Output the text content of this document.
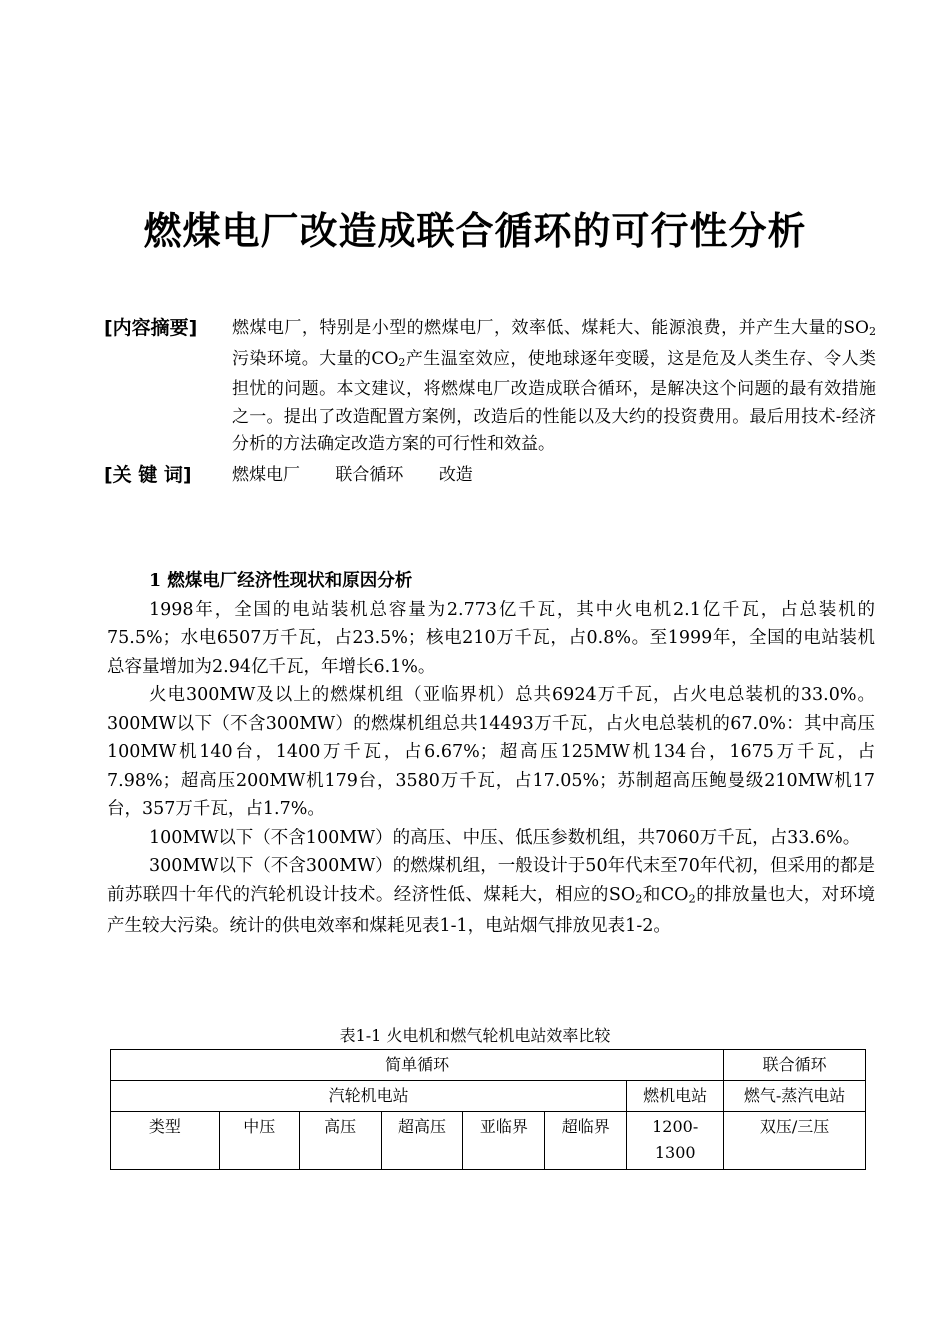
燃煤电厂改造成联合循环的可行性分析
[内容摘要]	燃煤电厂，特别是小型的燃煤电厂，效率低、煤耗大、能源浪费，并产生大量的$SO_2$污染环境。大量的$CO_2$产生温室效应，使地球逐年变暖，这是危及人类生存、令人类担忧的问题。本文建议，将燃煤电厂改造成联合循环，是解决这个问题的最有效措施之一。提出了改造配置方案例，改造后的性能以及大约的投资费用。最后用技术-经济分析的方法确定改造方案的可行性和效益。
[关 键 词]	燃煤电厂 联合循环 改造
1 燃煤电厂经济性现状和原因分析
1998年，全国的电站装机总容量为2.773亿千瓦，其中火电机2.1亿千瓦，占总装机的75.5%；水电6507万千瓦，占23.5%；核电210万千瓦，占0.8%。至1999年，全国的电站装机总容量增加为2.94亿千瓦，年增长6.1%。
火电300MW及以上的燃煤机组（亚临界机）总共6924万千瓦，占火电总装机的33.0%。300MW以下（不含300MW）的燃煤机组总共14493万千瓦，占火电总装机的67.0%：其中高压100MW机140台，1400万千瓦，占6.67%；超高压125MW机134台，1675万千瓦，占7.98%；超高压200MW机179台，3580万千瓦，占17.05%；苏制超高压鲍曼级210MW机17台，357万千瓦，占1.7%。
100MW以下（不含100MW）的高压、中压、低压参数机组，共7060万千瓦，占33.6%。
300MW以下（不含300MW）的燃煤机组，一般设计于50年代末至70年代初，但采用的都是前苏联四十年代的汽轮机设计技术。经济性低、煤耗大，相应的$SO_2$和$CO_2$的排放量也大，对环境产生较大污染。统计的供电效率和煤耗见表1-1，电站烟气排放见表1-2。
表1-1 火电机和燃气轮机电站效率比较
简单循环							联合循环
汽轮机电站						燃机电站	燃气-蒸汽电站
类型	中压	高压	超高压	亚临界	超临界	1200-1300	双压/三压
